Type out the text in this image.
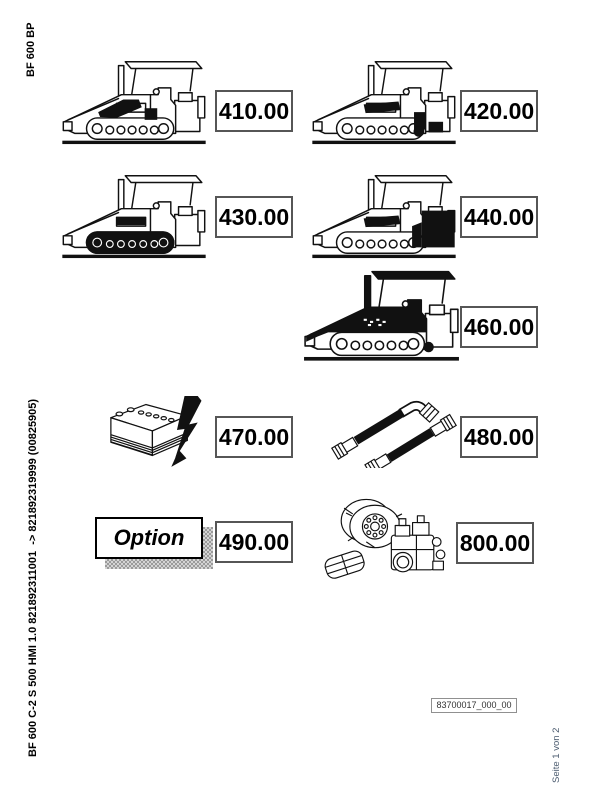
BF 600 BP
BF 600 C-2 S 500 HMI 1.0 821892311001  -> 821892319999 (00825905)
410.00	420.00
430.00	440.00
460.00
470.00	480.00
Option 490.00	800.00
83700017_000_00
Seite 1 von 2
